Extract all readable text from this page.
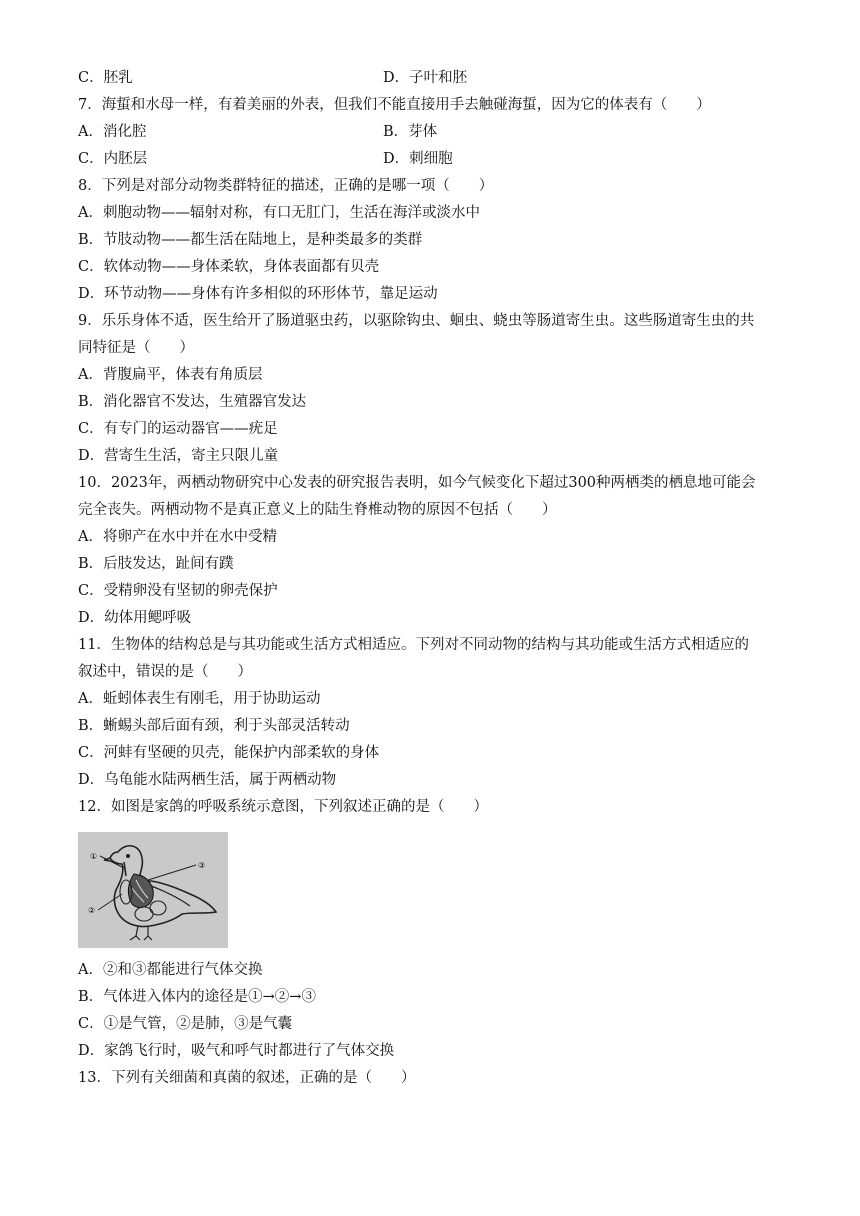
C．胚乳	D．子叶和胚
7．海蜇和水母一样，有着美丽的外表，但我们不能直接用手去触碰海蜇，因为它的体表有（　　）
A．消化腔	B．芽体
C．内胚层	D．刺细胞
8．下列是对部分动物类群特征的描述，正确的是哪一项（　　）
A．刺胞动物——辐射对称，有口无肛门，生活在海洋或淡水中
B．节肢动物——都生活在陆地上，是种类最多的类群
C．软体动物——身体柔软，身体表面都有贝壳
D．环节动物——身体有许多相似的环形体节，靠足运动
9．乐乐身体不适，医生给开了肠道驱虫药，以驱除钩虫、蛔虫、蛲虫等肠道寄生虫。这些肠道寄生虫的共
同特征是（　　）
A．背腹扁平，体表有角质层
B．消化器官不发达，生殖器官发达
C．有专门的运动器官——疣足
D．营寄生生活，寄主只限儿童
10．2023年，两栖动物研究中心发表的研究报告表明，如今气候变化下超过300种两栖类的栖息地可能会
完全丧失。两栖动物不是真正意义上的陆生脊椎动物的原因不包括（　　）
A．将卵产在水中并在水中受精
B．后肢发达，趾间有蹼
C．受精卵没有坚韧的卵壳保护
D．幼体用鳃呼吸
11．生物体的结构总是与其功能或生活方式相适应。下列对不同动物的结构与其功能或生活方式相适应的
叙述中，错误的是（　　）
A．蚯蚓体表生有刚毛，用于协助运动
B．蜥蜴头部后面有颈，利于头部灵活转动
C．河蚌有坚硬的贝壳，能保护内部柔软的身体
D．乌龟能水陆两栖生活，属于两栖动物
12．如图是家鸽的呼吸系统示意图，下列叙述正确的是（　　）
①
②
③
A．②和③都能进行气体交换
B．气体进入体内的途径是①→②→③
C．①是气管，②是肺，③是气囊
D．家鸽飞行时，吸气和呼气时都进行了气体交换
13．下列有关细菌和真菌的叙述，正确的是（　　）
